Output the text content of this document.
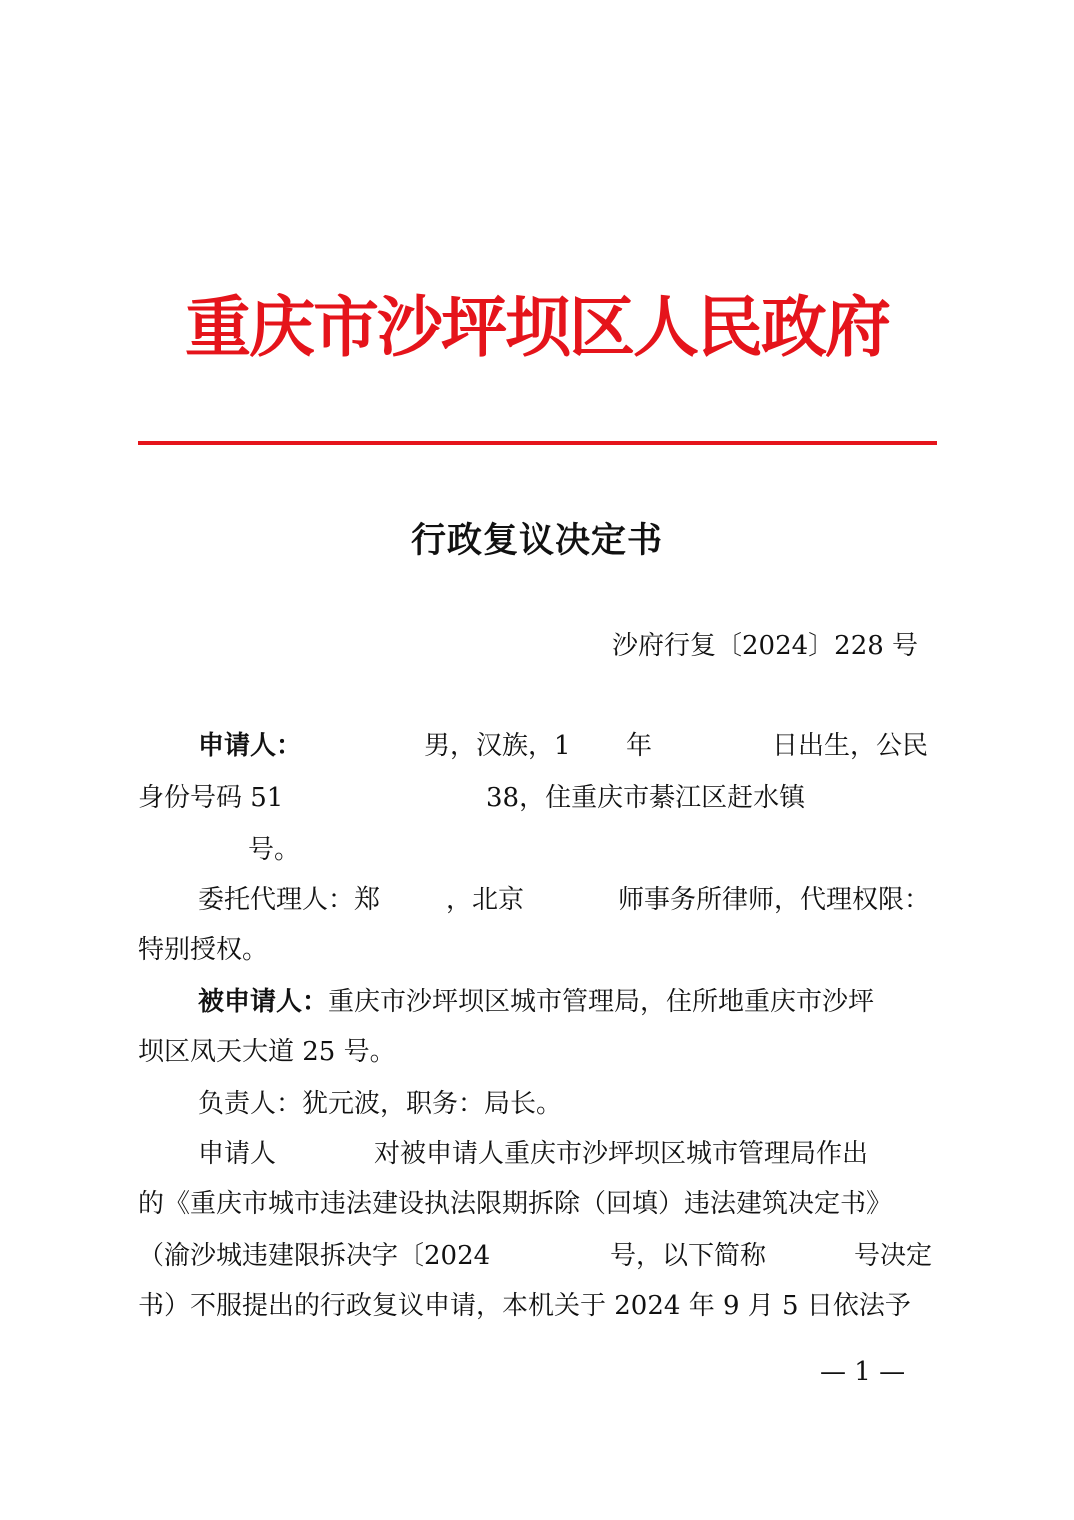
重庆市沙坪坝区人民政府
行政复议决定书
沙府行复〔2024〕228 号
申请人：	男，汉族，1 年	日出生，公民
身份号码 51	38，住重庆市綦江区赶水镇
号。
委托代理人：郑	，北京	师事务所律师，代理权限：
特别授权。
被申请人：重庆市沙坪坝区城市管理局，住所地重庆市沙坪
坝区凤天大道 25 号。
负责人：犹元波，职务：局长。
申请人	对被申请人重庆市沙坪坝区城市管理局作出
的《重庆市城市违法建设执法限期拆除（回填）违法建筑决定书》
（渝沙城违建限拆决字〔2024	号，以下简称	号决定
书）不服提出的行政复议申请，本机关于 2024 年 9 月 5 日依法予
— 1 —
